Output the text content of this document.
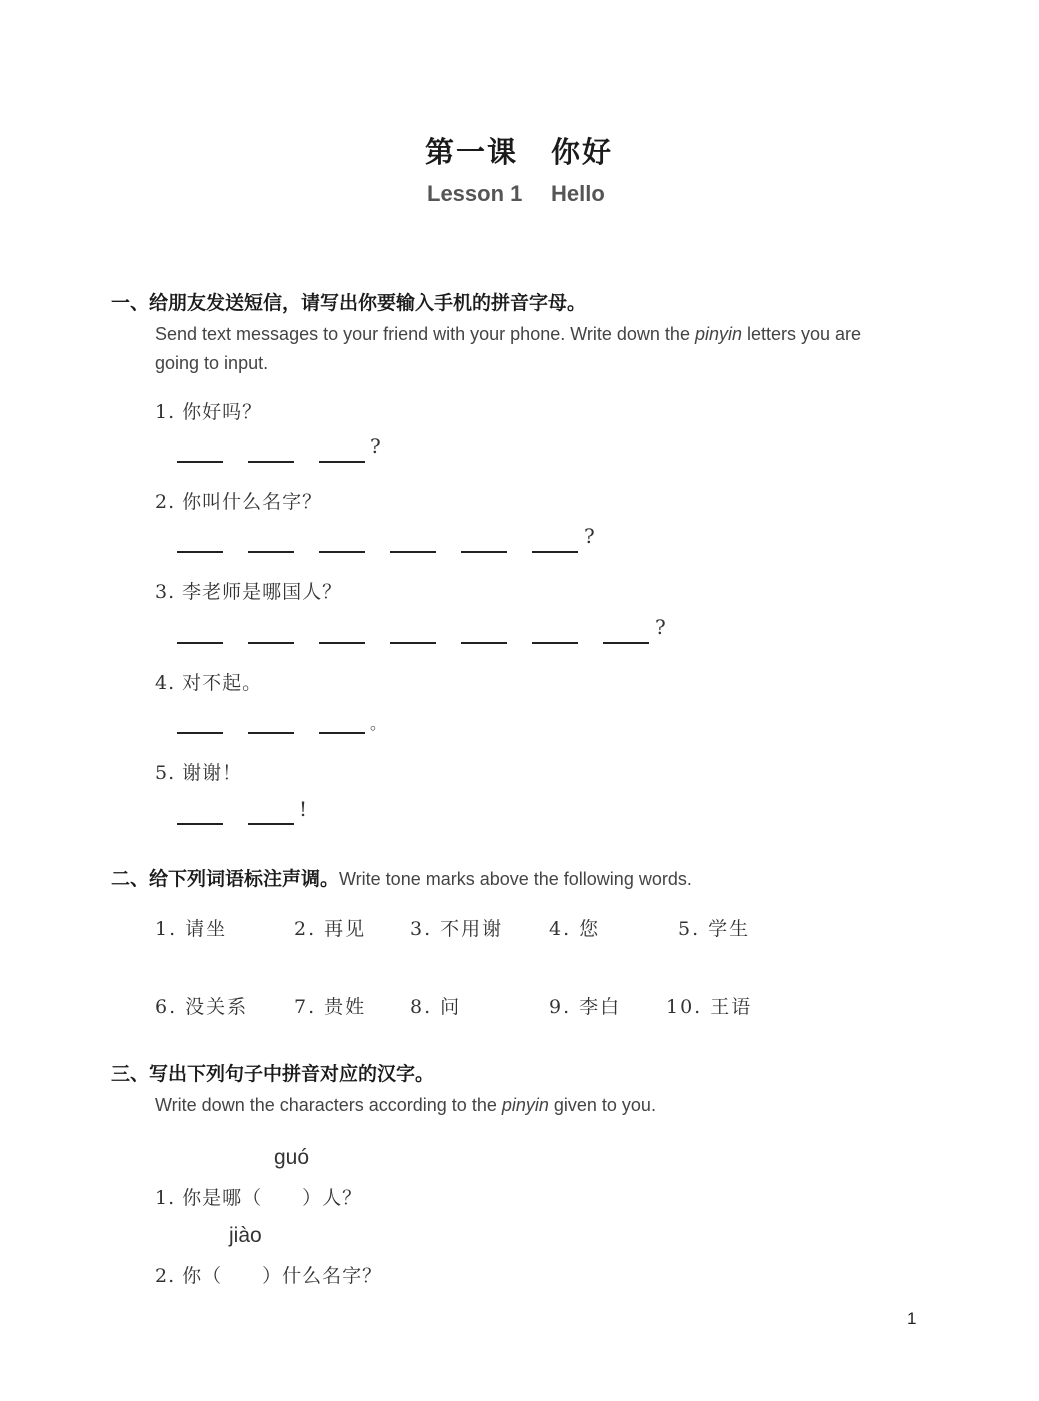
第一课 你好
Lesson 1 Hello
一、给朋友发送短信，请写出你要输入手机的拼音字母。
Send text messages to your friend with your phone. Write down the pinyin letters you are
going to input.
1. 你好吗？
2. 你叫什么名字？
3. 李老师是哪国人？
4. 对不起。
5. 谢谢！
?
?
?
。
!
二、给下列词语标注声调。Write tone marks above the following words.
1. 请坐	2. 再见 3. 不用谢 4. 您	5. 学生
6. 没关系 7. 贵姓 8. 问	9. 李白 10. 王语
三、写出下列句子中拼音对应的汉字。
Write down the characters according to the pinyin given to you.
guó
1. 你是哪（　　）人？
jiào
2. 你（　　）什么名字？
1
